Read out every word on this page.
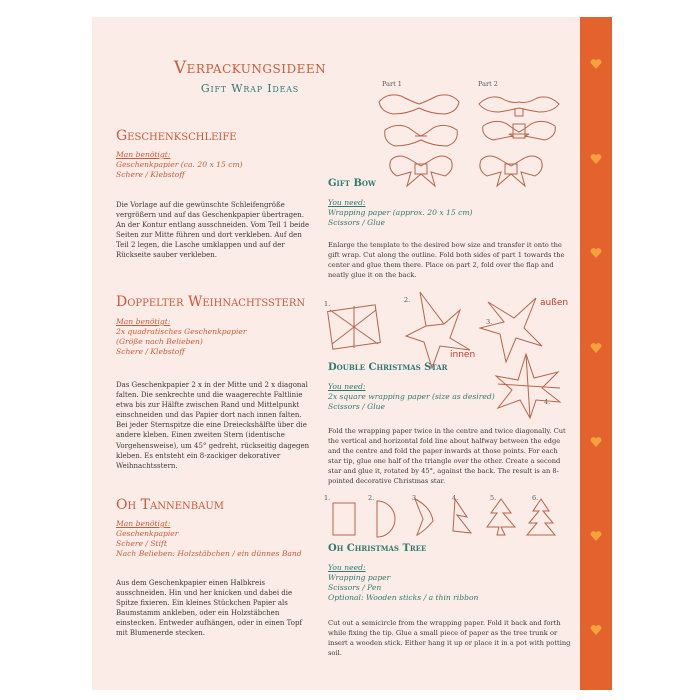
Verpackungsideen
Gift Wrap Ideas
Geschenkschleife
Man benötigt:
Geschenkpapier (ca. 20 x 15 cm)
Schere / Klebstoff
Die Vorlage auf die gewünschte Schleifengröße vergrößern und auf das Geschenkpapier übertragen. An der Kontur entlang ausschneiden. Vom Teil 1 beide Seiten zur Mitte führen und dort verkleben. Auf den Teil 2 legen, die Lasche umklappen und auf der Rückseite sauber verkleben.
Doppelter Weihnachtsstern
Man benötigt:
2x quadratisches Geschenkpapier
(Größe nach Belieben)
Schere / Klebstoff
Das Geschenkpapier 2 x in der Mitte und 2 x diagonal falten. Die senkrechte und die waagerechte Faltlinie etwa bis zur Hälfte zwischen Rand und Mittelpunkt einschneiden und das Papier dort nach innen falten. Bei jeder Sternspitze die eine Dreieckshälfte über die andere kleben. Einen zweiten Stern (identische Vorgehensweise), um 45° gedreht, rückseitig dagegen kleben. Es entsteht ein 8-zackiger dekorativer Weihnachtsstern.
Oh Tannenbaum
Man benötigt:
Geschenkpapier
Schere / Stift
Nach Belieben: Holzstäbchen / ein dünnes Band
Aus dem Geschenkpapier einen Halbkreis ausschneiden. Hin und her knicken und dabei die Spitze fixieren. Ein kleines Stückchen Papier als Baumstamm ankleben, oder ein Holzstäbchen einstecken. Entweder aufhängen, oder in einen Topf mit Blumenerde stecken.
Part 1	Part 2
Gift Bow
You need:
Wrapping paper (approx. 20 x 15 cm)
Scissors / Glue
Enlarge the template to the desired bow size and transfer it onto the gift wrap. Cut along the outline. Fold both sides of part 1 towards the center and glue them there. Place on part 2, fold over the flap and neatly glue it on the back.
1.	2.
3.
4.
außen
innen
Double Christmas Star
You need:
2x square wrapping paper (size as desired)
Scissors / Glue
Fold the wrapping paper twice in the centre and twice diagonally. Cut the vertical and horizontal fold line about halfway between the edge and the centre and fold the paper inwards at those points. For each star tip, glue one half of the triangle over the other. Create a second star and glue it, rotated by 45°, against the back. The result is an 8-pointed decorative Christmas star.
1.	2.	3.	4.	5.	6.
Oh Christmas Tree
You need:
Wrapping paper
Scissors / Pen
Optional: Wooden sticks / a thin ribbon
Cut out a semicircle from the wrapping paper. Fold it back and forth while fixing the tip. Glue a small piece of paper as the tree trunk or insert a wooden stick. Either hang it up or place it in a pot with potting soil.
